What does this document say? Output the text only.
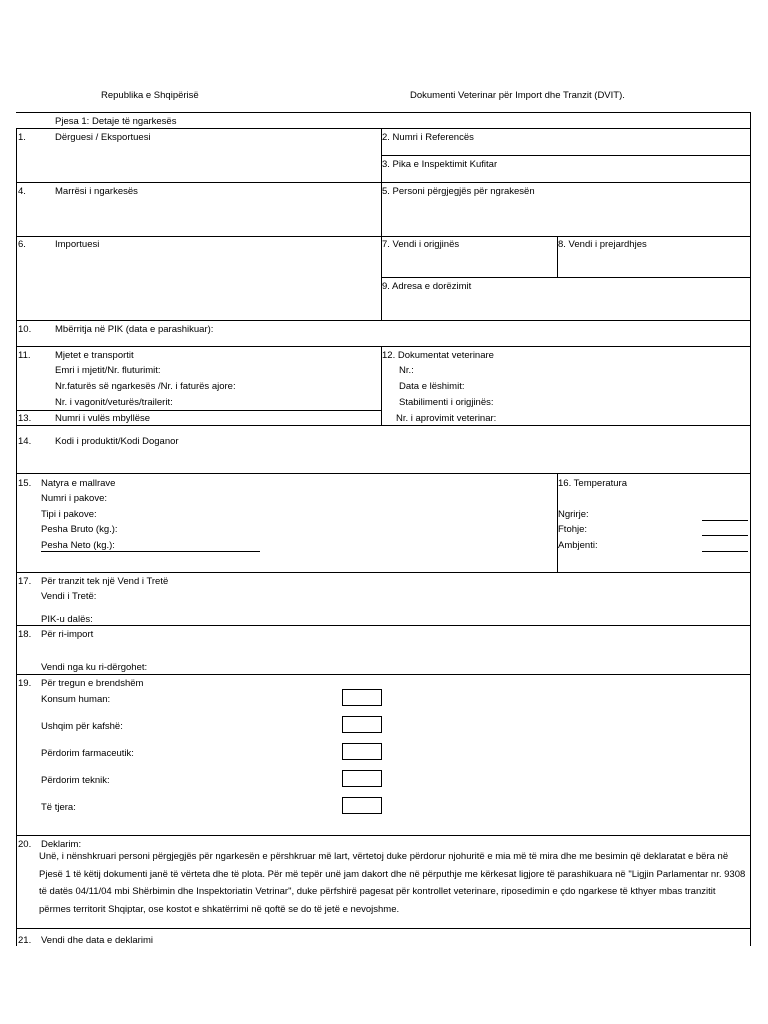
Republika e Shqipërisë	Dokumenti Veterinar për Import dhe Tranzit (DVIT).
Pjesa 1: Detaje të ngarkesës
1.	Dërguesi / Eksportuesi	2. Numri i Referencës
3. Pika e Inspektimit Kufitar
4.	Marrësi i ngarkesës	5. Personi përgjegjës për ngrakesën
6.	Importuesi	7. Vendi i origjinës	8. Vendi i prejardhjes
9. Adresa e dorëzimit
10.	Mbërritja në PIK (data e parashikuar):
11.	Mjetet e transportit
Emri i mjetit/Nr. fluturimit:
Nr.faturës së ngarkesës /Nr. i faturës ajore:
Nr. i vagonit/veturës/trailerit:
12. Dokumentat veterinare
Nr.:
Data e lëshimit:
Stabilimenti i origjinës:
Nr. i aprovimit veterinar:
13.	Numri i vulës mbyllëse
14.	Kodi i produktit/Kodi Doganor
15. Natyra e mallrave
Numri i pakove:
Tipi i pakove:
Pesha Bruto (kg.):
Pesha Neto (kg.):
16. Temperatura
Ngrirje:
Ftohje:
Ambjenti:
17. Për tranzit tek një Vend i Tretë
Vendi i Tretë:
PIK-u dalës:
18. Për ri-import
Vendi nga ku ri-dërgohet:
19. Për tregun e brendshëm
Konsum human:
Ushqim për kafshë:
Përdorim farmaceutik:
Përdorim teknik:
Të tjera:
20. Deklarim:
Unë, i nënshkruari personi përgjegjës për ngarkesën e përshkruar më lart, vërtetoj duke përdorur njohuritë e mia më të mira dhe me besimin që deklaratat e bëra në Pjesë 1 të këtij dokumenti janë të vërteta dhe të plota. Për më tepër unë jam dakort dhe në përputhje me kërkesat ligjore të parashikuara në "Ligjin Parlamentar nr. 9308 të datës 04/11/04 mbi Shërbimin dhe Inspektoriatin Vetrinar", duke përfshirë pagesat për kontrollet veterinare, riposedimin e çdo ngarkese të kthyer mbas tranzitit përmes territorit Shqiptar, ose kostot e shkatërrimi në qoftë se do të jetë e nevojshme.
21. Vendi dhe data e deklarimi
